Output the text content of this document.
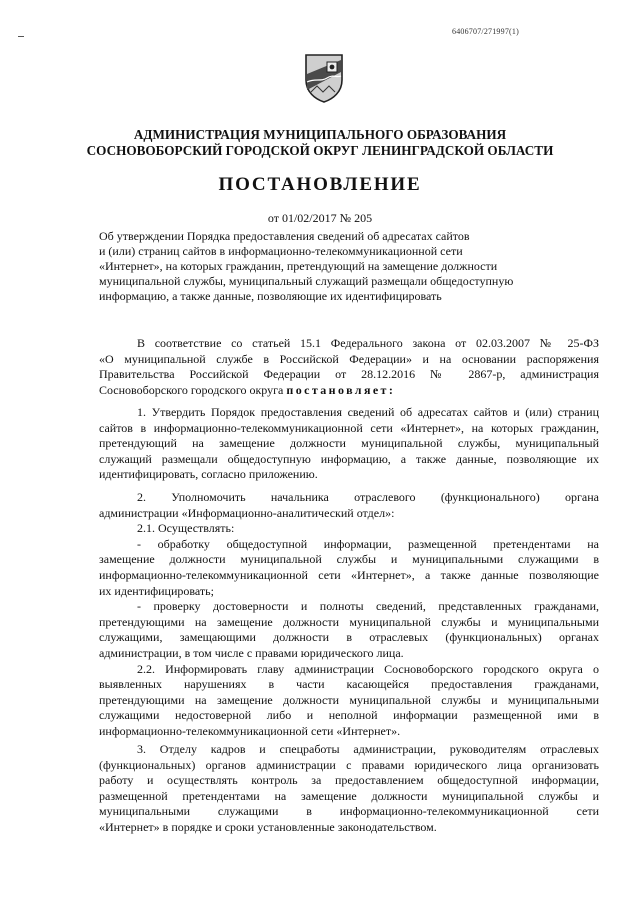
6406707/271997(1)
АДМИНИСТРАЦИЯ МУНИЦИПАЛЬНОГО ОБРАЗОВАНИЯ
СОСНОВОБОРСКИЙ ГОРОДСКОЙ ОКРУГ ЛЕНИНГРАДСКОЙ ОБЛАСТИ
ПОСТАНОВЛЕНИЕ
от 01/02/2017 № 205
Об утверждении Порядка предоставления сведений об адресатах сайтов
и (или) страниц сайтов в информационно-телекоммуникационной сети
«Интернет», на которых гражданин, претендующий на замещение должности
муниципальной службы, муниципальный служащий размещали общедоступную
информацию, а также данные, позволяющие их идентифицировать
В соответствие со статьей 15.1 Федерального закона от 02.03.2007 № 25-ФЗ
«О муниципальной службе в Российской Федерации» и на основании распоряжения
Правительства Российской Федерации от 28.12.2016 № 2867-р, администрация
Сосновоборского городского округа постановляет:
1. Утвердить Порядок предоставления сведений об адресатах сайтов и (или) страниц
сайтов в информационно-телекоммуникационной сети «Интернет», на которых гражданин,
претендующий на замещение должности муниципальной службы, муниципальный
служащий размещали общедоступную информацию, а также данные, позволяющие их
идентифицировать, согласно приложению.
2. Уполномочить начальника отраслевого (функционального) органа
администрации «Информационно-аналитический отдел»:
2.1. Осуществлять:
- обработку общедоступной информации, размещенной претендентами на
замещение должности муниципальной службы и муниципальными служащими в
информационно-телекоммуникационной сети «Интернет», а также данные позволяющие
их идентифицировать;
- проверку достоверности и полноты сведений, представленных гражданами,
претендующими на замещение должности муниципальной службы и муниципальными
служащими, замещающими должности в отраслевых (функциональных) органах
администрации, в том числе с правами юридического лица.
2.2. Информировать главу администрации Сосновоборского городского округа о
выявленных нарушениях в части касающейся предоставления гражданами,
претендующими на замещение должности муниципальной службы и муниципальными
служащими недостоверной либо и неполной информации размещенной ими в
информационно-телекоммуникационной сети «Интернет».
3. Отделу кадров и спецработы администрации, руководителям отраслевых
(функциональных) органов администрации с правами юридического лица организовать
работу и осуществлять контроль за предоставлением общедоступной информации,
размещенной претендентами на замещение должности муниципальной службы и
муниципальными служащими в информационно-телекоммуникационной сети
«Интернет» в порядке и сроки установленные законодательством.
